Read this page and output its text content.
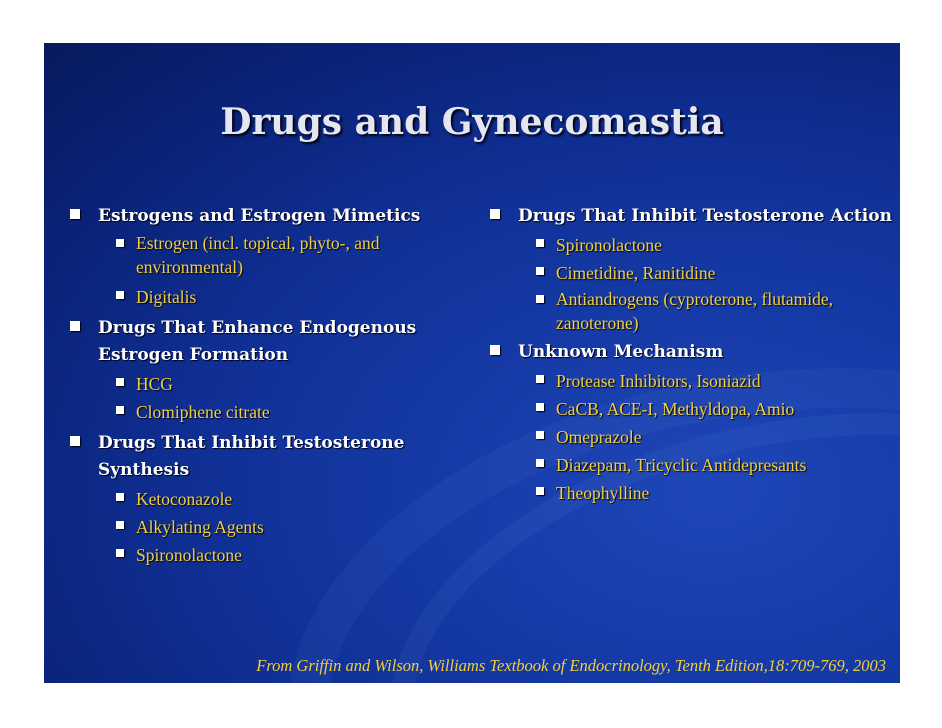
Drugs and Gynecomastia
Estrogens and Estrogen Mimetics
Estrogen (incl. topical, phyto-, and environmental)
Digitalis
Drugs That Enhance Endogenous Estrogen Formation
HCG
Clomiphene citrate
Drugs That Inhibit Testosterone Synthesis
Ketoconazole
Alkylating Agents
Spironolactone
Drugs That Inhibit Testosterone Action
Spironolactone
Cimetidine, Ranitidine
Antiandrogens (cyproterone, flutamide, zanoterone)
Unknown Mechanism
Protease Inhibitors, Isoniazid
CaCB, ACE-I, Methyldopa, Amio
Omeprazole
Diazepam, Tricyclic Antidepresants
Theophylline

From Griffin and Wilson, Williams Textbook of Endocrinology, Tenth Edition,18:709-769, 2003
